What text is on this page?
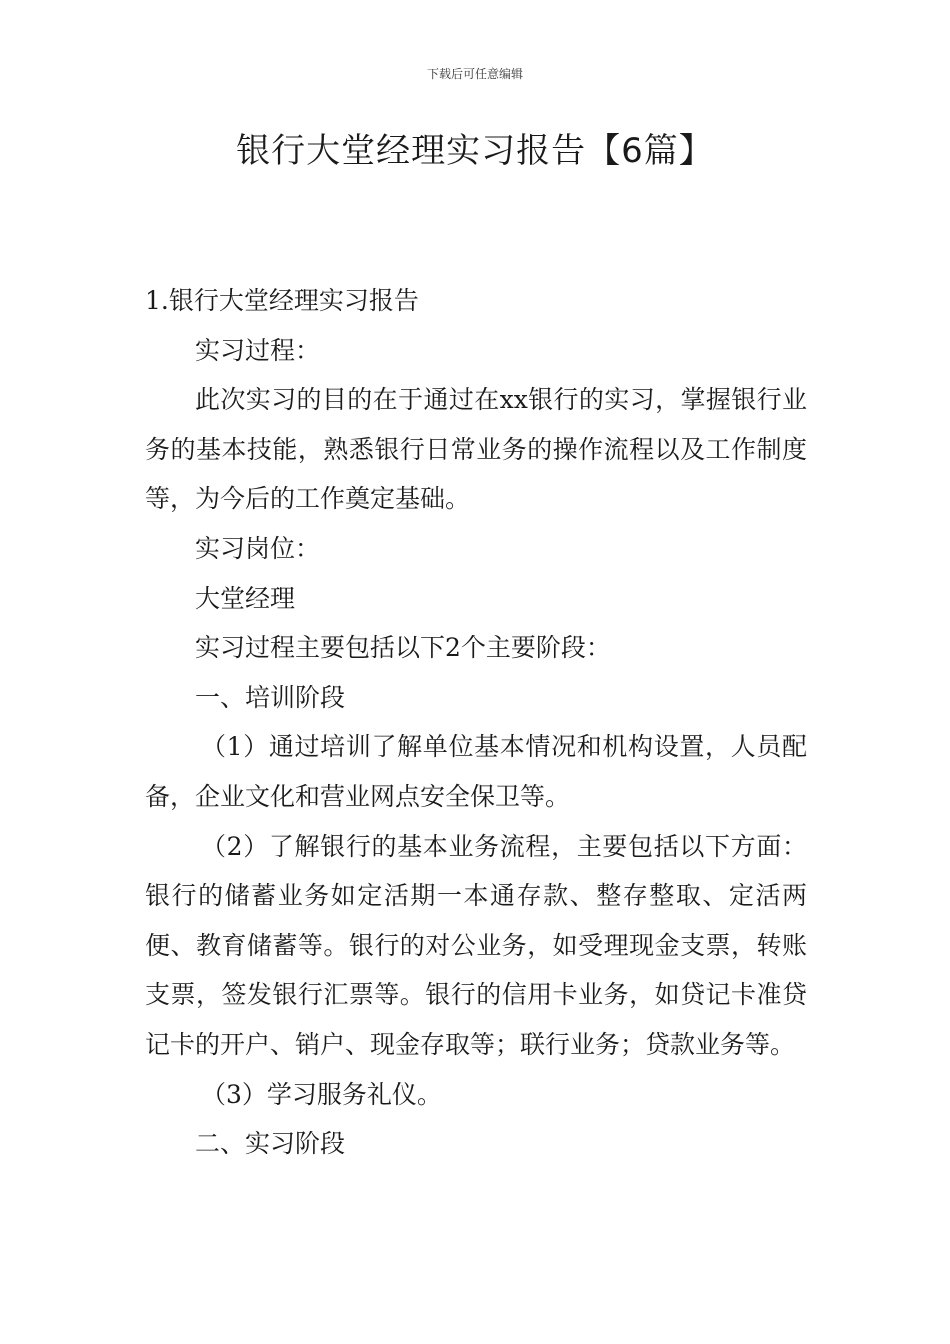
下载后可任意编辑
银行大堂经理实习报告【6篇】

1.银行大堂经理实习报告

实习过程：

此次实习的目的在于通过在xx银行的实习，掌握银行业务的基本技能，熟悉银行日常业务的操作流程以及工作制度等，为今后的工作奠定基础。

实习岗位：

大堂经理

实习过程主要包括以下2个主要阶段：

一、培训阶段

（1）通过培训了解单位基本情况和机构设置，人员配备，企业文化和营业网点安全保卫等。

（2）了解银行的基本业务流程，主要包括以下方面：银行的储蓄业务如定活期一本通存款、整存整取、定活两便、教育储蓄等。银行的对公业务，如受理现金支票，转账支票，签发银行汇票等。银行的信用卡业务，如贷记卡准贷记卡的开户、销户、现金存取等；联行业务；贷款业务等。

（3）学习服务礼仪。

二、实习阶段
